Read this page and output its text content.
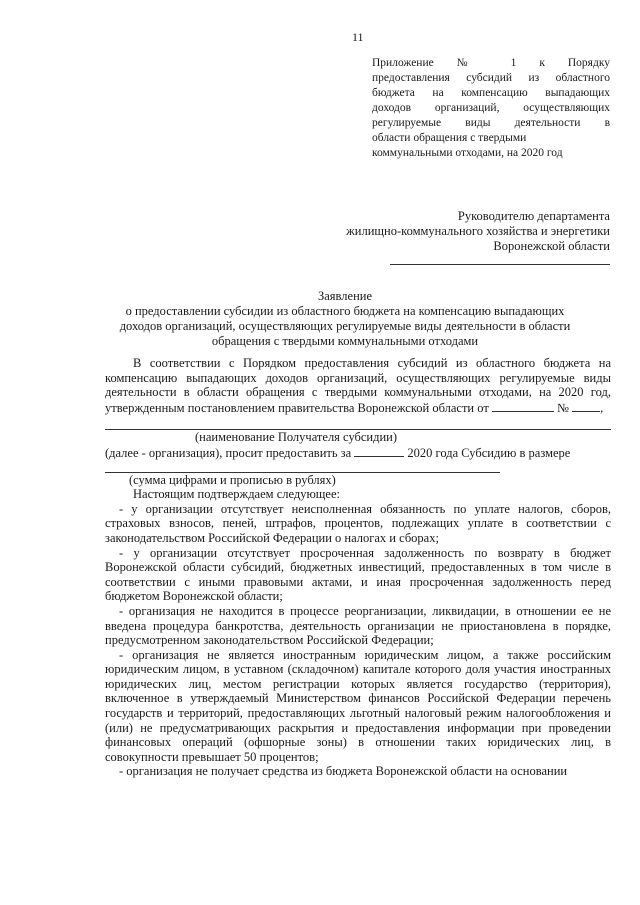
11
Приложение № 1 к Порядку
предоставления субсидий из областного
бюджета на компенсацию выпадающих
доходов организаций, осуществляющих
регулируемые виды деятельности в
области обращения с твердыми
коммунальными отходами, на 2020 год
Руководителю департамента
жилищно-коммунального хозяйства и энергетики
Воронежской области
Заявление
о предоставлении субсидии из областного бюджета на компенсацию выпадающих
доходов организаций, осуществляющих регулируемые виды деятельности в области
обращения с твердыми коммунальными отходами

В соответствии с Порядком предоставления субсидий из областного бюджета на компенсацию выпадающих доходов организаций, осуществляющих регулируемые виды деятельности в области обращения с твердыми коммунальными отходами, на 2020 год, утвержденным постановлением правительства Воронежской области от	№ ,

(наименование Получателя субсидии)

(далее - организация), просит предоставить за	2020 года Субсидию в размере

(сумма цифрами и прописью в рублях)

Настоящим подтверждаем следующее:

- у организации отсутствует неисполненная обязанность по уплате налогов, сборов, страховых взносов, пеней, штрафов, процентов, подлежащих уплате в соответствии с законодательством Российской Федерации о налогах и сборах;

- у организации отсутствует просроченная задолженность по возврату в бюджет Воронежской области субсидий, бюджетных инвестиций, предоставленных в том числе в соответствии с иными правовыми актами, и иная просроченная задолженность перед бюджетом Воронежской области;

- организация не находится в процессе реорганизации, ликвидации, в отношении ее не введена процедура банкротства, деятельность организации не приостановлена в порядке, предусмотренном законодательством Российской Федерации;

- организация не является иностранным юридическим лицом, а также российским юридическим лицом, в уставном (складочном) капитале которого доля участия иностранных юридических лиц, местом регистрации которых является государство (территория), включенное в утверждаемый Министерством финансов Российской Федерации перечень государств и территорий, предоставляющих льготный налоговый режим налогообложения и (или) не предусматривающих раскрытия и предоставления информации при проведении финансовых операций (офшорные зоны) в отношении таких юридических лиц, в совокупности превышает 50 процентов;

- организация не получает средства из бюджета Воронежской области на основании
